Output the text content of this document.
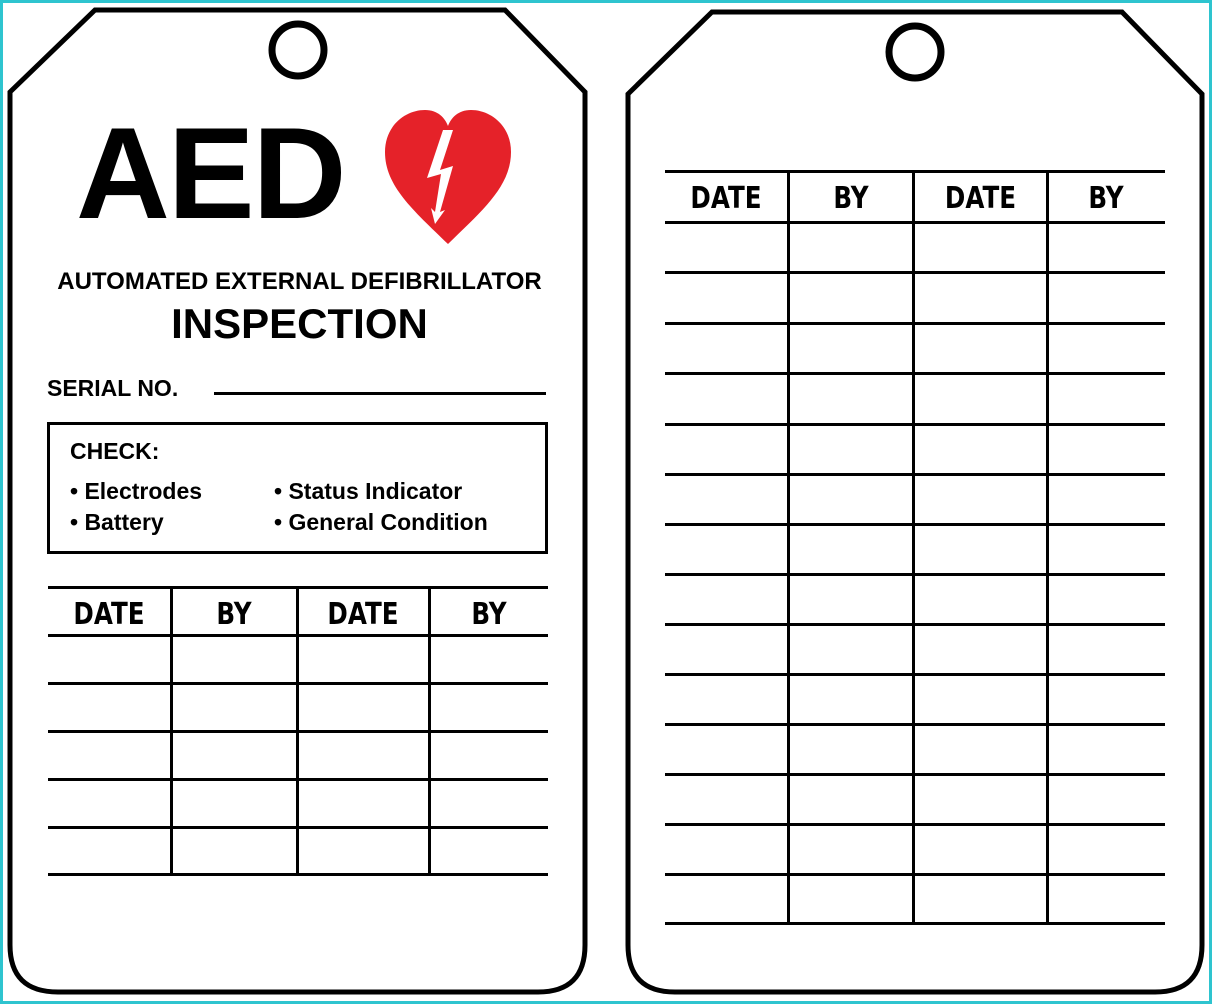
AED
AUTOMATED EXTERNAL DEFIBRILLATOR
INSPECTION
SERIAL NO.
CHECK:
• Electrodes
• Battery
• Status Indicator
• General Condition
DATE	BY	DATE	BY
DATE	BY	DATE	BY
